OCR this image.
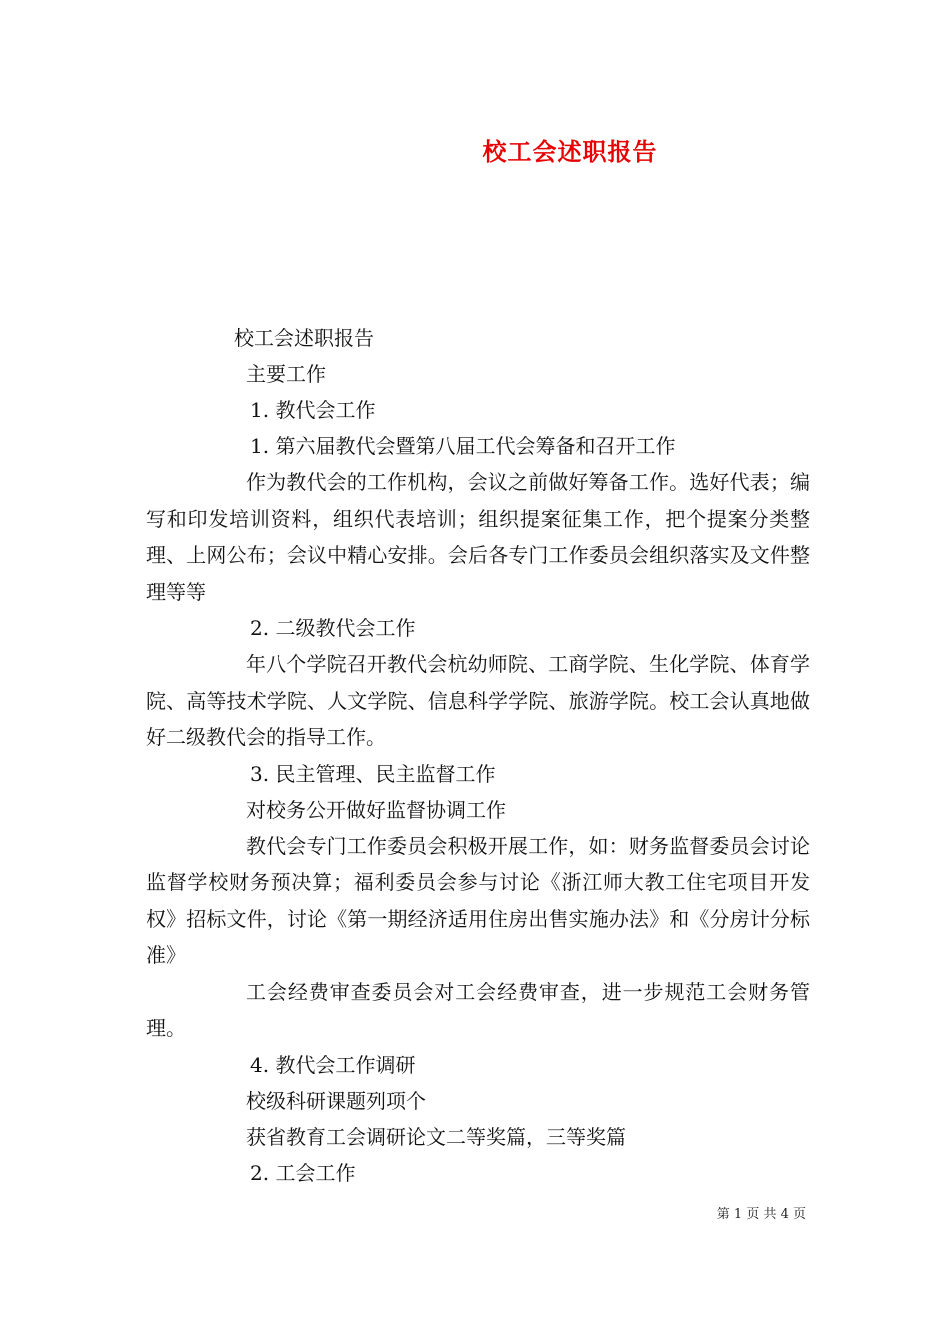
校工会述职报告
校工会述职报告
主要工作
1. 教代会工作
1. 第六届教代会暨第八届工代会筹备和召开工作
作为教代会的工作机构，会议之前做好筹备工作。选好代表；编写和印发培训资料，组织代表培训；组织提案征集工作，把个提案分类整理、上网公布；会议中精心安排。会后各专门工作委员会组织落实及文件整理等等
2. 二级教代会工作
年八个学院召开教代会杭幼师院、工商学院、生化学院、体育学院、高等技术学院、人文学院、信息科学学院、旅游学院。校工会认真地做好二级教代会的指导工作。
3. 民主管理、民主监督工作
对校务公开做好监督协调工作
教代会专门工作委员会积极开展工作，如：财务监督委员会讨论监督学校财务预决算；福利委员会参与讨论《浙江师大教工住宅项目开发权》招标文件，讨论《第一期经济适用住房出售实施办法》和《分房计分标准》
工会经费审查委员会对工会经费审查，进一步规范工会财务管理。
4. 教代会工作调研
校级科研课题列项个
获省教育工会调研论文二等奖篇，三等奖篇
2. 工会工作
第 1 页 共 4 页
